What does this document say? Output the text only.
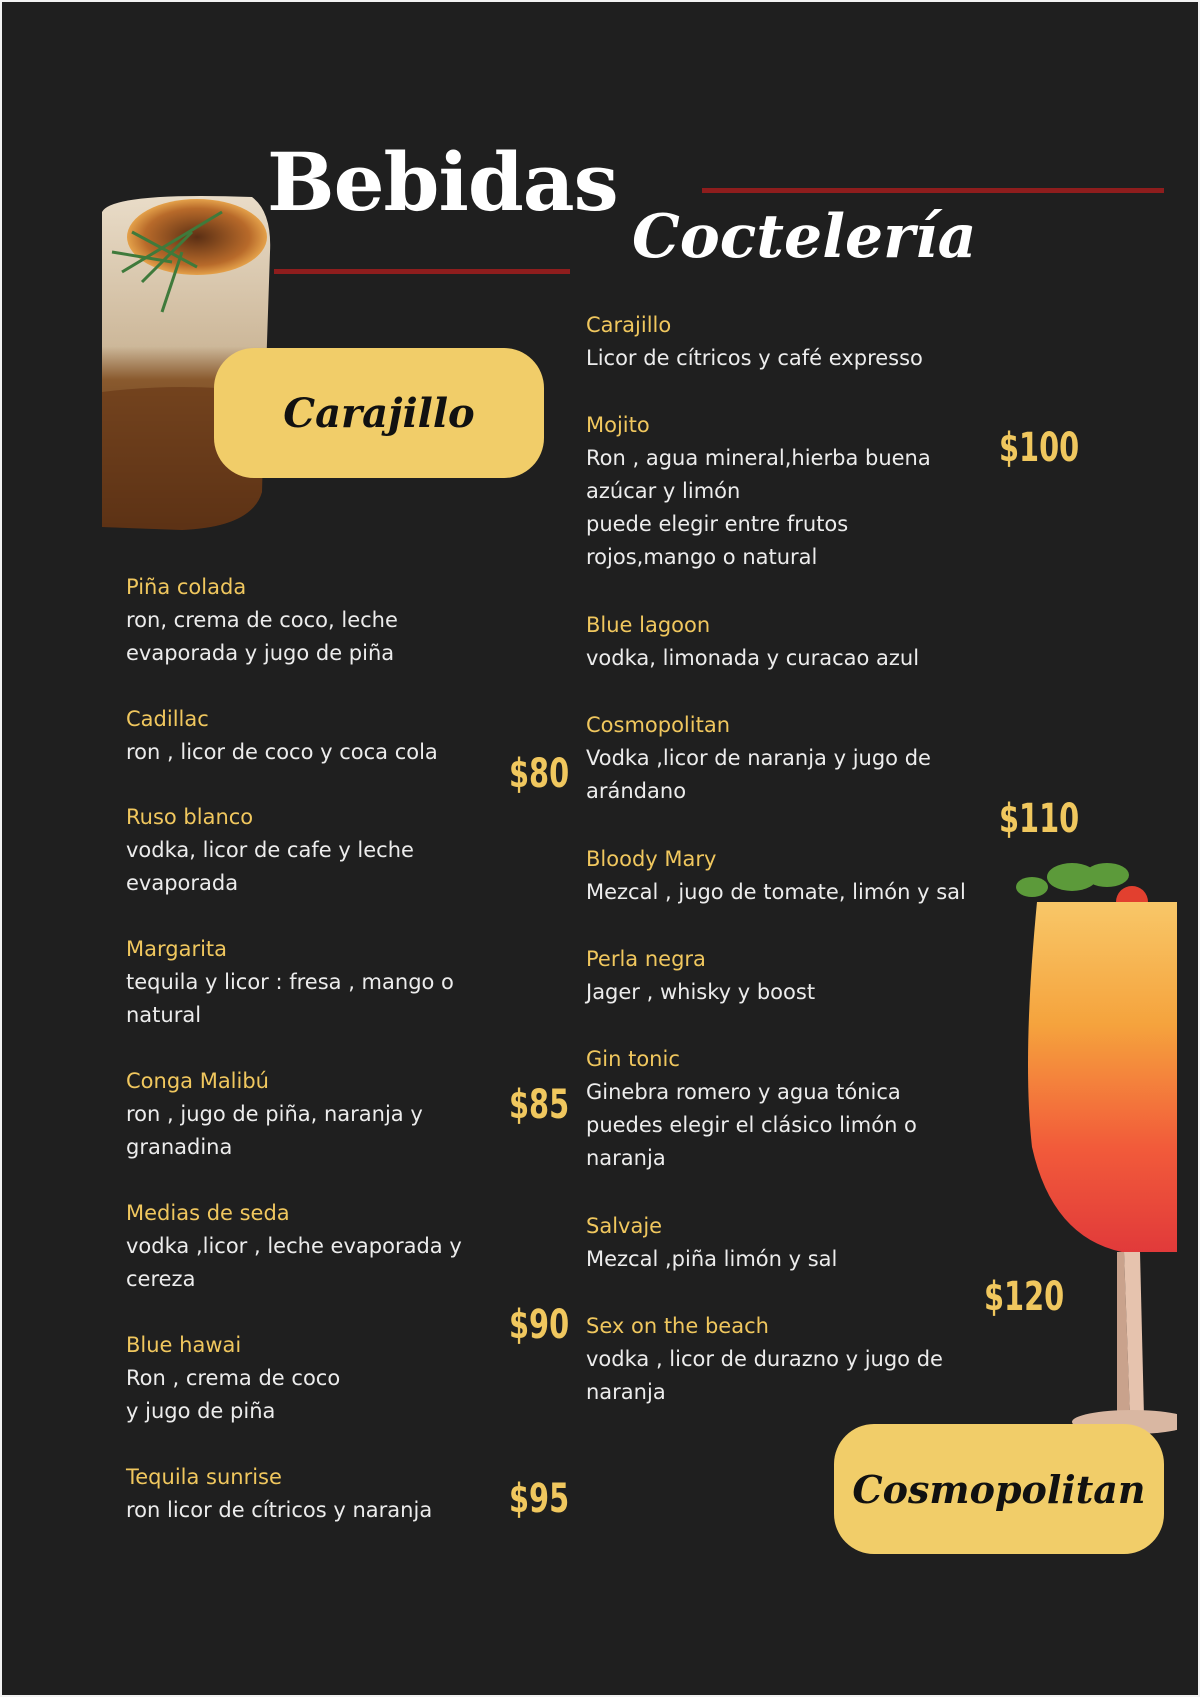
Bebidas
Coctelería
Carajillo
Cosmopolitan
Piña colada
ron, crema de coco, leche
evaporada y jugo de piña
Cadillac
ron , licor de coco y coca cola
Ruso blanco
vodka, licor de cafe y leche
evaporada
Margarita
tequila y licor : fresa , mango o
natural
Conga Malibú
ron , jugo de piña, naranja y
granadina
Medias de seda
vodka ,licor , leche evaporada y
cereza
Blue hawai
Ron , crema de coco
y jugo de piña
Tequila sunrise
ron licor de cítricos y naranja
Carajillo
Licor de cítricos y café expresso
Mojito
Ron , agua mineral,hierba buena
azúcar y limón
puede elegir entre frutos
rojos,mango o natural
Blue lagoon
vodka, limonada y curacao azul
Cosmopolitan
Vodka ,licor de naranja y jugo de
arándano
Bloody Mary
Mezcal , jugo de tomate, limón y sal
Perla negra
Jager , whisky y boost
Gin tonic
Ginebra romero y agua tónica
puedes elegir el clásico limón o
naranja
Salvaje
Mezcal ,piña limón y sal
Sex on the beach
vodka , licor de durazno y jugo de
naranja
$80
$85
$90
$95
$100
$110
$120
